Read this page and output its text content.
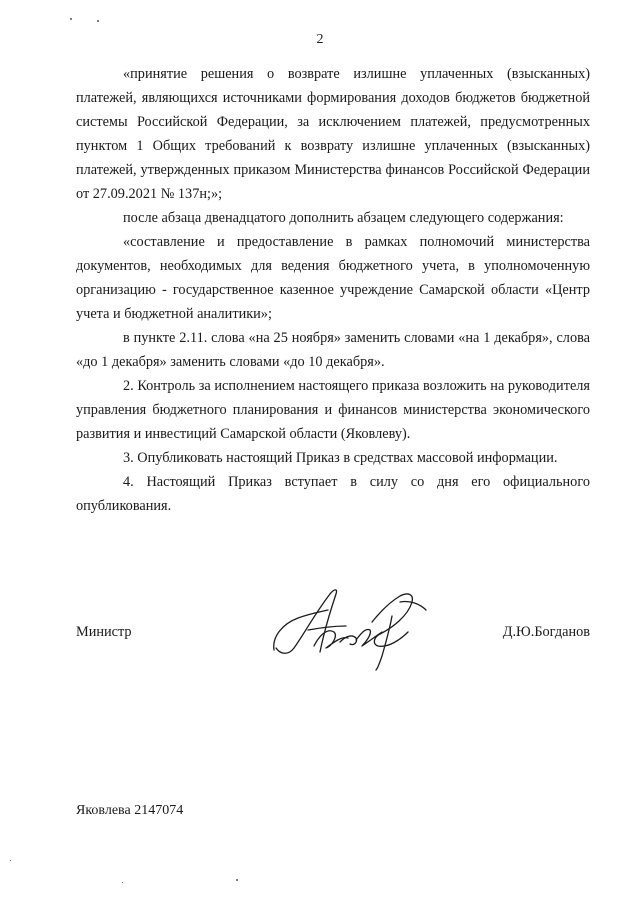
2

«принятие решения о возврате излишне уплаченных (взысканных) платежей, являющихся источниками формирования доходов бюджетов бюджетной системы Российской Федерации, за исключением платежей, предусмотренных пунктом 1 Общих требований к возврату излишне уплаченных (взысканных) платежей, утвержденных приказом Министерства финансов Российской Федерации от 27.09.2021 № 137н;»;

после абзаца двенадцатого дополнить абзацем следующего содержания:

«составление и предоставление в рамках полномочий министерства документов, необходимых для ведения бюджетного учета, в уполномоченную организацию - государственное казенное учреждение Самарской области «Центр учета и бюджетной аналитики»;

в пункте 2.11. слова «на 25 ноября» заменить словами «на 1 декабря», слова «до 1 декабря» заменить словами «до 10 декабря».

2. Контроль за исполнением настоящего приказа возложить на руководителя управления бюджетного планирования и финансов министерства экономического развития и инвестиций Самарской области (Яковлеву).

3. Опубликовать настоящий Приказ в средствах массовой информации.

4. Настоящий Приказ вступает в силу со дня его официального опубликования.

Министр	Д.Ю.Богданов
Яковлева 2147074
